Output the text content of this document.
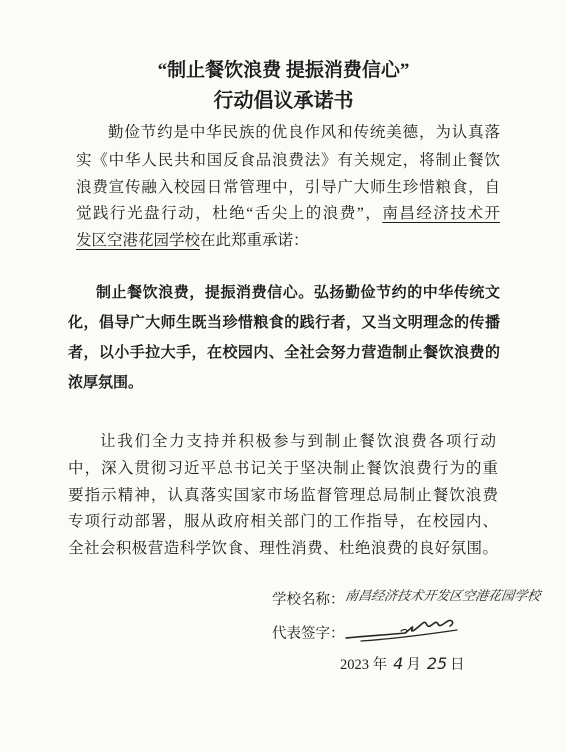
“制止餐饮浪费 提振消费信心”
行动倡议承诺书
勤俭节约是中华民族的优良作风和传统美德，为认真落
实《中华人民共和国反食品浪费法》有关规定，将制止餐饮
浪费宣传融入校园日常管理中，引导广大师生珍惜粮食，自
觉践行光盘行动，杜绝“舌尖上的浪费”，南昌经济技术开
发区空港花园学校在此郑重承诺：
制止餐饮浪费，提振消费信心。弘扬勤俭节约的中华传统文
化，倡导广大师生既当珍惜粮食的践行者，又当文明理念的传播
者，以小手拉大手，在校园内、全社会努力营造制止餐饮浪费的
浓厚氛围。
让我们全力支持并积极参与到制止餐饮浪费各项行动
中，深入贯彻习近平总书记关于坚决制止餐饮浪费行为的重
要指示精神，认真落实国家市场监督管理总局制止餐饮浪费
专项行动部署，服从政府相关部门的工作指导，在校园内、
全社会积极营造科学饮食、理性消费、杜绝浪费的良好氛围。
学校名称： 南昌经济技术开发区空港花园学校
代表签字：
2023 年 4 月 25 日
